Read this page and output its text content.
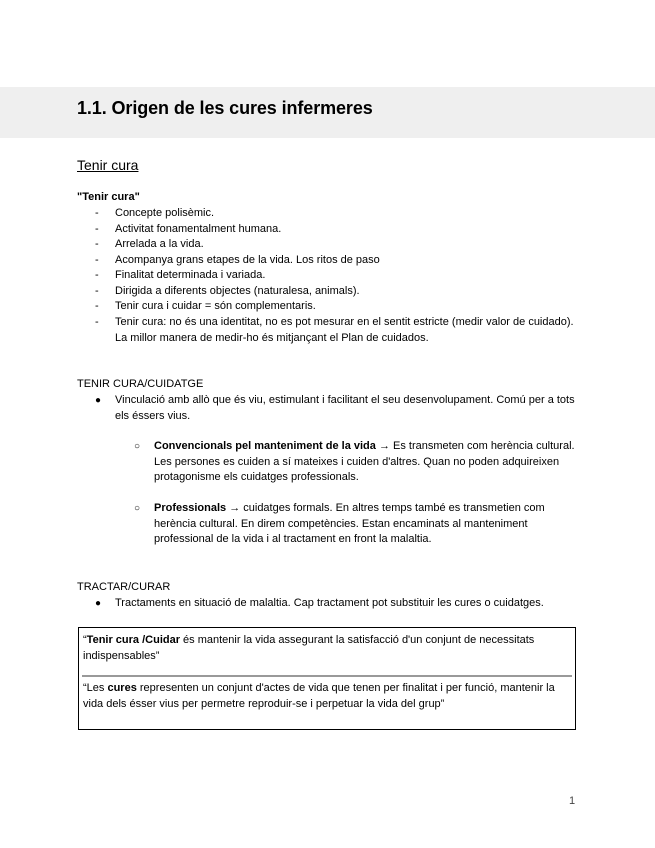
1.1. Origen de les cures infermeres
Tenir cura
"Tenir cura"
- Concepte polisèmic.
- Activitat fonamentalment humana.
- Arrelada a la vida.
- Acompanya grans etapes de la vida. Los ritos de paso
- Finalitat determinada i variada.
- Dirigida a diferents objectes (naturalesa, animals).
- Tenir cura i cuidar = són complementaris.
- Tenir cura: no és una identitat, no es pot mesurar en el sentit estricte (medir valor de cuidado). La millor manera de medir-ho és mitjançant el Plan de cuidados.
TENIR CURA/CUIDATGE
● Vinculació amb allò que és viu, estimulant i facilitant el seu desenvolupament. Comú per a tots els éssers vius.
○ Convencionals pel manteniment de la vida → Es transmeten com herència cultural. Les persones es cuiden a sí mateixes i cuiden d'altres. Quan no poden adquireixen protagonisme els cuidatges professionals.
○ Professionals → cuidatges formals. En altres temps també es transmetien com herència cultural. En direm competències. Estan encaminats al manteniment professional de la vida i al tractament en front la malaltia.
TRACTAR/CURAR
● Tractaments en situació de malaltia. Cap tractament pot substituir les cures o cuidatges.
“Tenir cura /Cuidar és mantenir la vida assegurant la satisfacció d'un conjunt de necessitats indispensables”
“Les cures representen un conjunt d'actes de vida que tenen per finalitat i per funció, mantenir la vida dels ésser vius per permetre reproduir-se i perpetuar la vida del grup”
1
